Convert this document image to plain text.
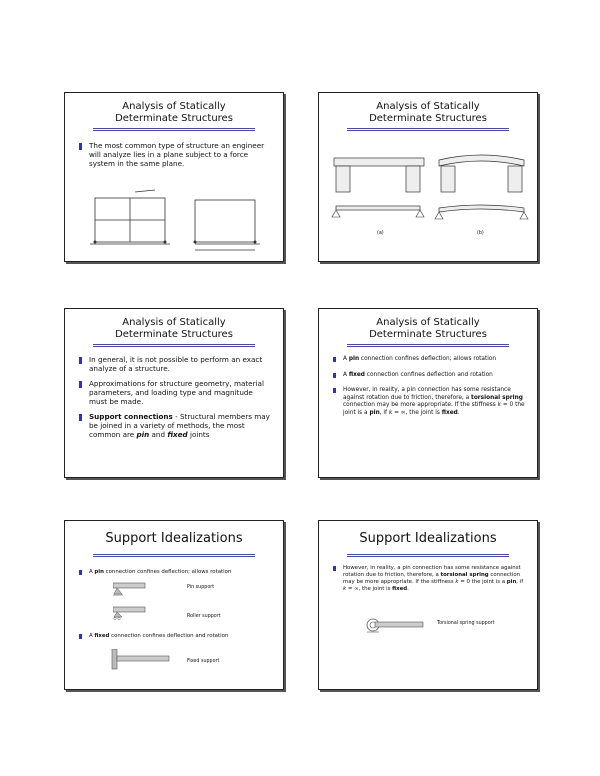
Analysis of Statically
Determinate Structures
The most common type of structure an engineer will analyze lies in a plane subject to a force system in the same plane.
Analysis of Statically
Determinate Structures
(a)	(b)
Analysis of Statically
Determinate Structures
In general, it is not possible to perform an exact analyze of a structure.
Approximations for structure geometry, material parameters, and loading type and magnitude must be made.
Support connections - Structural members may be joined in a variety of methods, the most common are pin and fixed joints
Analysis of Statically
Determinate Structures
A pin connection confines deflection; allows rotation
A fixed connection confines deflection and rotation
However, in reality, a pin connection has some resistance against rotation due to friction, therefore, a torsional spring connection may be more appropriate. If the stiffness k = 0 the joint is a pin, if k = ∞, the joint is fixed.
Support Idealizations
A pin connection confines deflection; allows rotation
Pin support
Roller support
A fixed connection confines deflection and rotation
Fixed support
Support Idealizations
However, in reality, a pin connection has some resistance against rotation due to friction, therefore, a torsional spring connection may be more appropriate. If the stiffness k = 0 the joint is a pin, if k = ∞, the joint is fixed.
Torsional spring support
